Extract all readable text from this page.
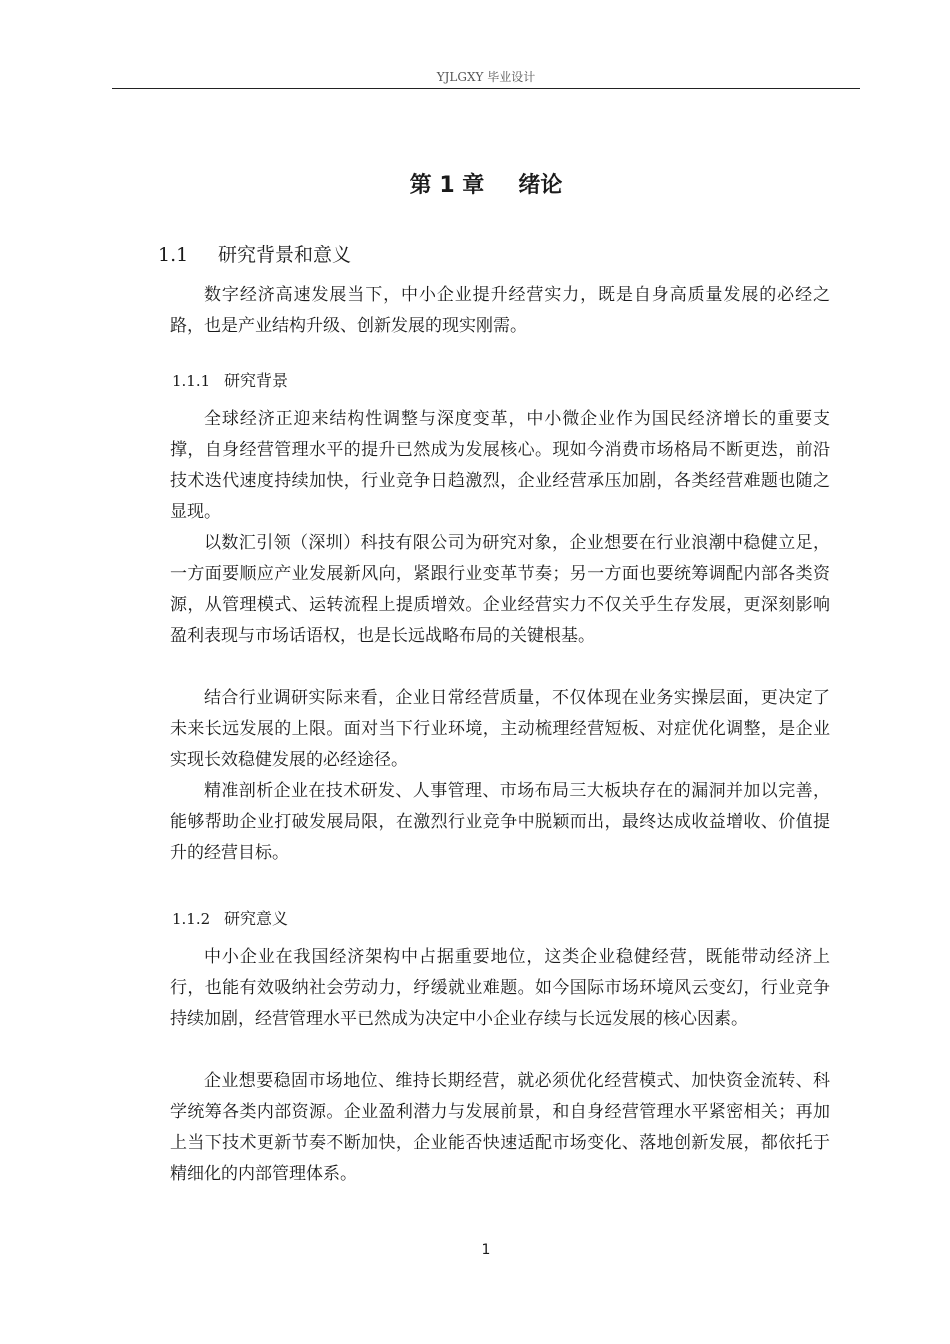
YJLGXY 毕业设计
第 1 章 绪论
1.1 研究背景和意义

数字经济高速发展当下，中小企业提升经营实力，既是自身高质量发展的必经之路，也是产业结构升级、创新发展的现实刚需。

1.1.1 研究背景

全球经济正迎来结构性调整与深度变革，中小微企业作为国民经济增长的重要支撑，自身经营管理水平的提升已然成为发展核心。现如今消费市场格局不断更迭，前沿技术迭代速度持续加快，行业竞争日趋激烈，企业经营承压加剧，各类经营难题也随之显现。

以数汇引领（深圳）科技有限公司为研究对象，企业想要在行业浪潮中稳健立足，一方面要顺应产业发展新风向，紧跟行业变革节奏；另一方面也要统筹调配内部各类资源，从管理模式、运转流程上提质增效。企业经营实力不仅关乎生存发展，更深刻影响盈利表现与市场话语权，也是长远战略布局的关键根基。

结合行业调研实际来看，企业日常经营质量，不仅体现在业务实操层面，更决定了未来长远发展的上限。面对当下行业环境，主动梳理经营短板、对症优化调整，是企业实现长效稳健发展的必经途径。

精准剖析企业在技术研发、人事管理、市场布局三大板块存在的漏洞并加以完善，能够帮助企业打破发展局限，在激烈行业竞争中脱颖而出，最终达成收益增收、价值提升的经营目标。

1.1.2 研究意义

中小企业在我国经济架构中占据重要地位，这类企业稳健经营，既能带动经济上行，也能有效吸纳社会劳动力，纾缓就业难题。如今国际市场环境风云变幻，行业竞争持续加剧，经营管理水平已然成为决定中小企业存续与长远发展的核心因素。

企业想要稳固市场地位、维持长期经营，就必须优化经营模式、加快资金流转、科学统筹各类内部资源。企业盈利潜力与发展前景，和自身经营管理水平紧密相关；再加上当下技术更新节奏不断加快，企业能否快速适配市场变化、落地创新发展，都依托于精细化的内部管理体系。

1
